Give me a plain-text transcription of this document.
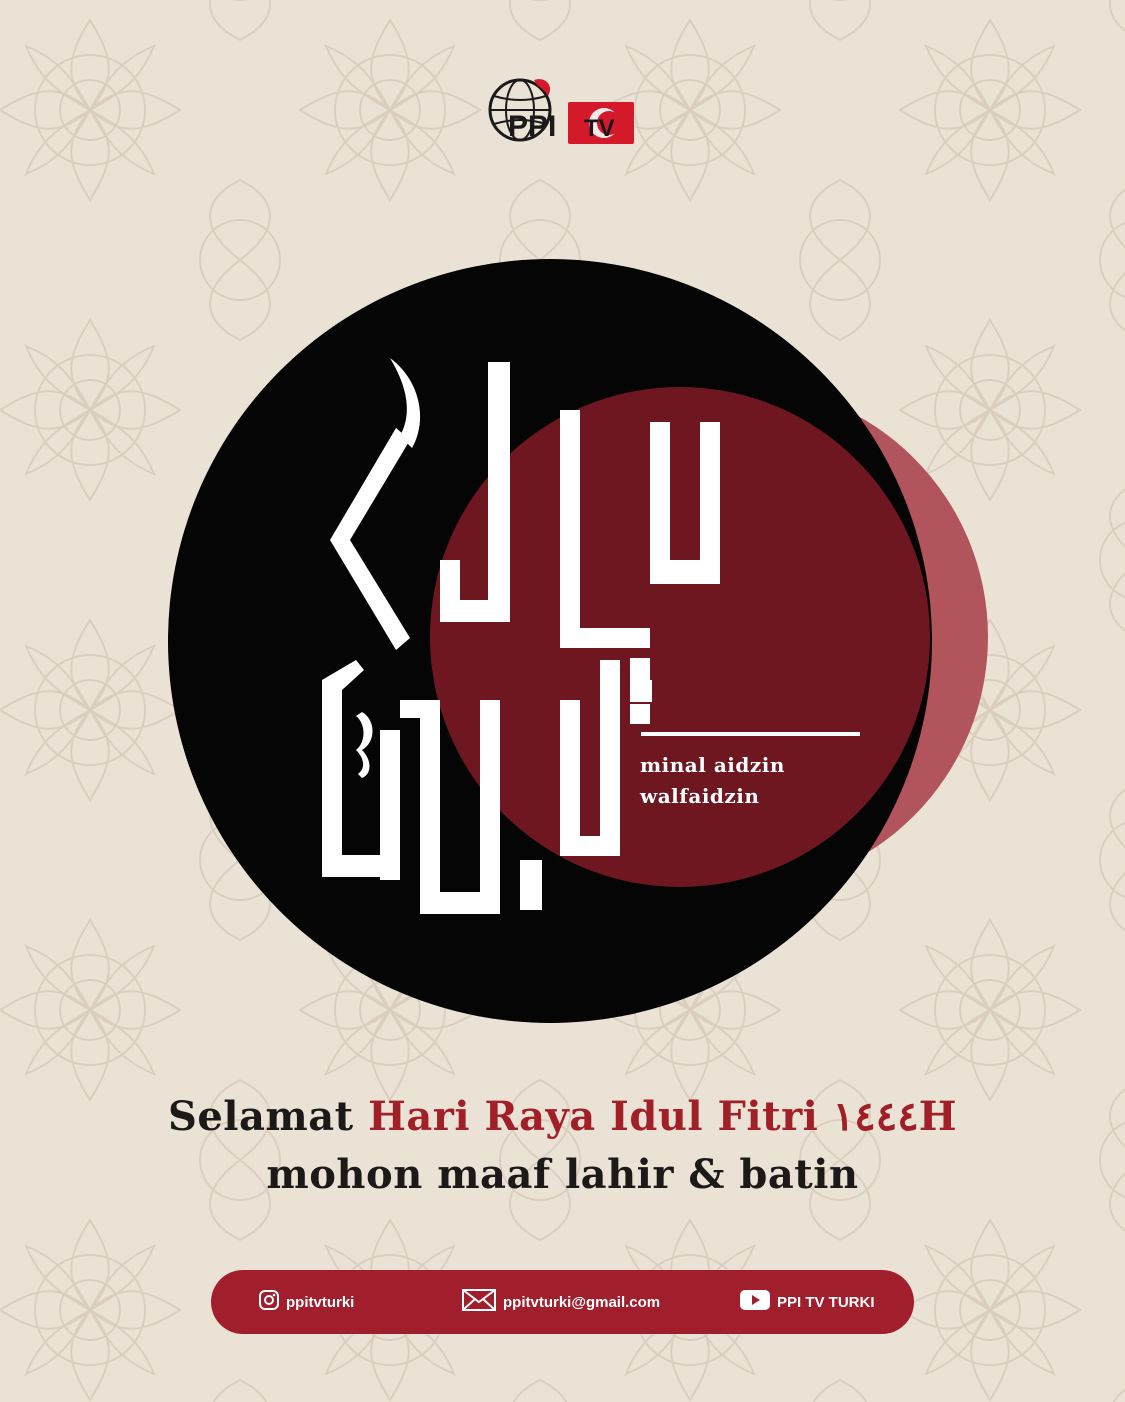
PPI TV
minal aidzin
walfaidzin
Selamat Hari Raya Idul Fitri ١٤٤٤H
mohon maaf lahir & batin
ppitvturki	ppitvturki@gmail.com	PPI TV TURKI
